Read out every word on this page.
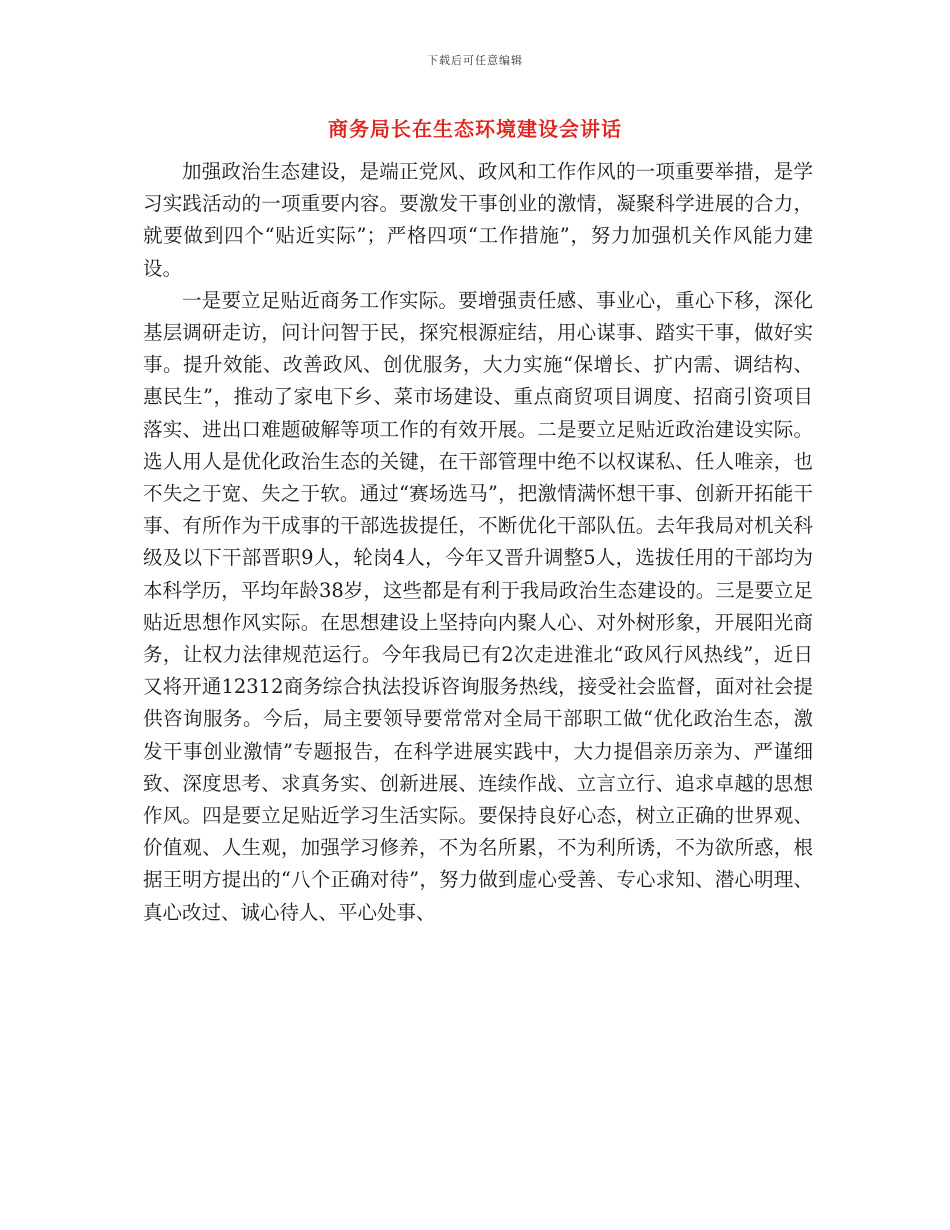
下载后可任意编辑
商务局长在生态环境建设会讲话

加强政治生态建设，是端正党风、政风和工作作风的一项重要举措，是学习实践活动的一项重要内容。要激发干事创业的激情，凝聚科学进展的合力，就要做到四个“贴近实际”；严格四项“工作措施”，努力加强机关作风能力建设。

一是要立足贴近商务工作实际。要增强责任感、事业心，重心下移，深化基层调研走访，问计问智于民，探究根源症结，用心谋事、踏实干事，做好实事。提升效能、改善政风、创优服务，大力实施“保增长、扩内需、调结构、惠民生”，推动了家电下乡、菜市场建设、重点商贸项目调度、招商引资项目落实、进出口难题破解等项工作的有效开展。二是要立足贴近政治建设实际。选人用人是优化政治生态的关键，在干部管理中绝不以权谋私、任人唯亲，也不失之于宽、失之于软。通过“赛场选马”，把激情满怀想干事、创新开拓能干事、有所作为干成事的干部选拔提任，不断优化干部队伍。去年我局对机关科级及以下干部晋职9人，轮岗4人，今年又晋升调整5人，选拔任用的干部均为本科学历，平均年龄38岁，这些都是有利于我局政治生态建设的。三是要立足贴近思想作风实际。在思想建设上坚持向内聚人心、对外树形象，开展阳光商务，让权力法律规范运行。今年我局已有2次走进淮北“政风行风热线”，近日又将开通12312商务综合执法投诉咨询服务热线，接受社会监督，面对社会提供咨询服务。今后，局主要领导要常常对全局干部职工做“优化政治生态，激发干事创业激情”专题报告，在科学进展实践中，大力提倡亲历亲为、严谨细致、深度思考、求真务实、创新进展、连续作战、立言立行、追求卓越的思想作风。四是要立足贴近学习生活实际。要保持良好心态，树立正确的世界观、价值观、人生观，加强学习修养，不为名所累，不为利所诱，不为欲所惑，根据王明方提出的“八个正确对待”，努力做到虚心受善、专心求知、潜心明理、真心改过、诚心待人、平心处事、
